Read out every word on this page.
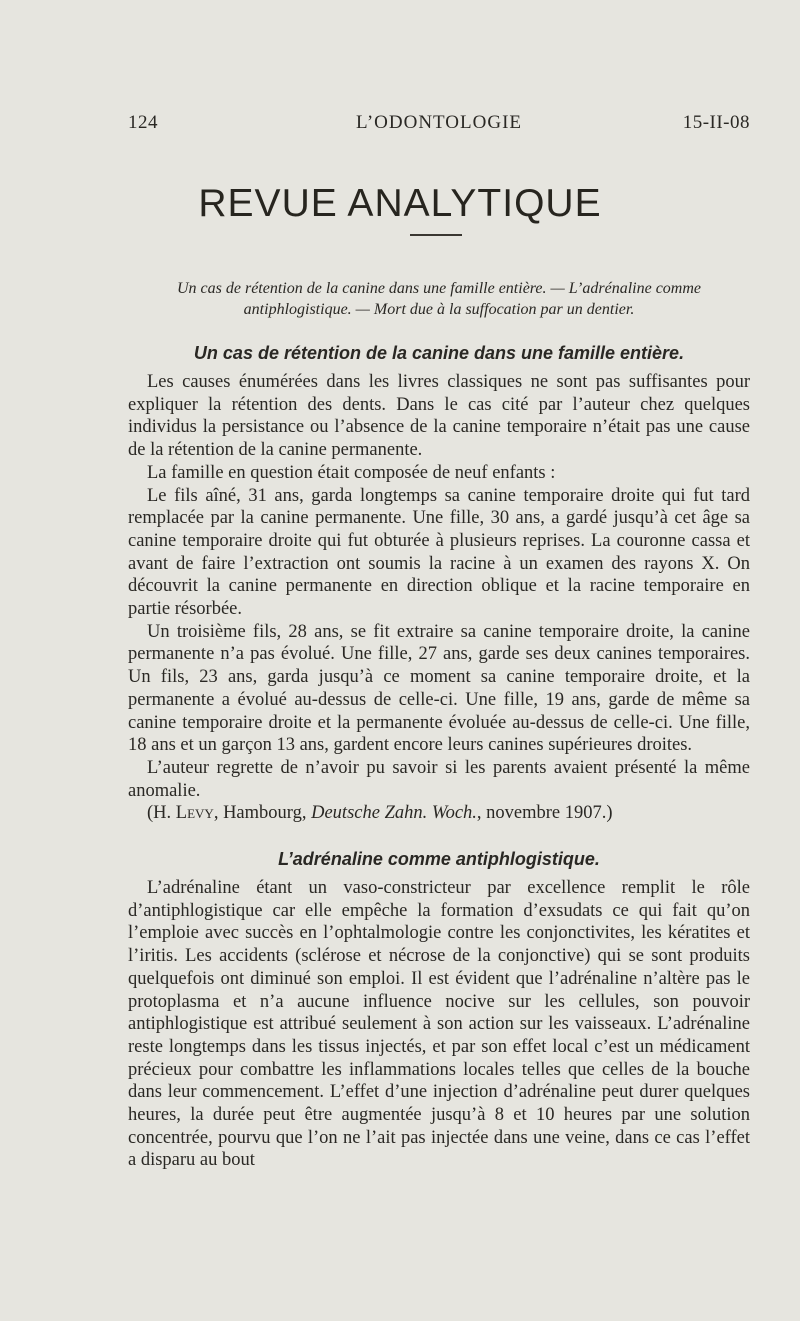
124	L’ODONTOLOGIE	15-II-08
REVUE ANALYTIQUE
Un cas de rétention de la canine dans une famille entière. — L’adrénaline comme
antiphlogistique. — Mort due à la suffocation par un dentier.
Un cas de rétention de la canine dans une famille entière.

Les causes énumérées dans les livres classiques ne sont pas suffisantes pour expliquer la rétention des dents. Dans le cas cité par l’auteur chez quelques individus la persistance ou l’absence de la canine temporaire n’était pas une cause de la rétention de la canine permanente.

La famille en question était composée de neuf enfants :

Le fils aîné, 31 ans, garda longtemps sa canine temporaire droite qui fut tard remplacée par la canine permanente. Une fille, 30 ans, a gardé jusqu’à cet âge sa canine temporaire droite qui fut obturée à plusieurs reprises. La couronne cassa et avant de faire l’extraction ont soumis la racine à un examen des rayons X. On découvrit la canine permanente en direction oblique et la racine temporaire en partie résorbée.

Un troisième fils, 28 ans, se fit extraire sa canine temporaire droite, la canine permanente n’a pas évolué. Une fille, 27 ans, garde ses deux canines temporaires. Un fils, 23 ans, garda jusqu’à ce moment sa canine temporaire droite, et la permanente a évolué au-dessus de celle-ci. Une fille, 19 ans, garde de même sa canine temporaire droite et la permanente évoluée au-dessus de celle-ci. Une fille, 18 ans et un garçon 13 ans, gardent encore leurs canines supérieures droites.

L’auteur regrette de n’avoir pu savoir si les parents avaient présenté la même anomalie.

(H. Levy, Hambourg, Deutsche Zahn. Woch., novembre 1907.)

L’adrénaline comme antiphlogistique.

L’adrénaline étant un vaso-constricteur par excellence remplit le rôle d’antiphlogistique car elle empêche la formation d’exsudats ce qui fait qu’on l’emploie avec succès en l’ophtalmologie contre les conjonctivites, les kératites et l’iritis. Les accidents (sclérose et nécrose de la conjonctive) qui se sont produits quelquefois ont diminué son emploi. Il est évident que l’adrénaline n’altère pas le protoplasma et n’a aucune influence nocive sur les cellules, son pouvoir antiphlogistique est attribué seulement à son action sur les vaisseaux. L’adrénaline reste longtemps dans les tissus injectés, et par son effet local c’est un médicament précieux pour combattre les inflammations locales telles que celles de la bouche dans leur commencement. L’effet d’une injection d’adrénaline peut durer quelques heures, la durée peut être augmentée jusqu’à 8 et 10 heures par une solution concentrée, pourvu que l’on ne l’ait pas injectée dans une veine, dans ce cas l’effet a disparu au bout
